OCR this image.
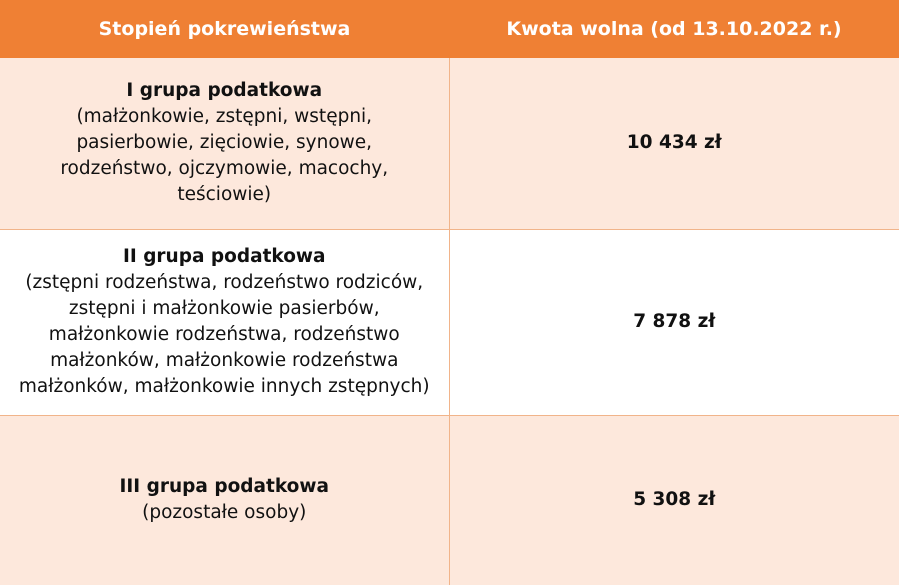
Stopień pokrewieństwa	Kwota wolna (od 13.10.2022 r.)

I grupa podatkowa
(małżonkowie, zstępni, wstępni, pasierbowie, zięciowie, synowe, rodzeństwo, ojczymowie, macochy, teściowie)	10 434 zł

II grupa podatkowa
(zstępni rodzeństwa, rodzeństwo rodziców, zstępni i małżonkowie pasierbów, małżonkowie rodzeństwa, rodzeństwo małżonków, małżonkowie rodzeństwa małżonków, małżonkowie innych zstępnych)	7 878 zł

III grupa podatkowa
(pozostałe osoby)	5 308 zł
